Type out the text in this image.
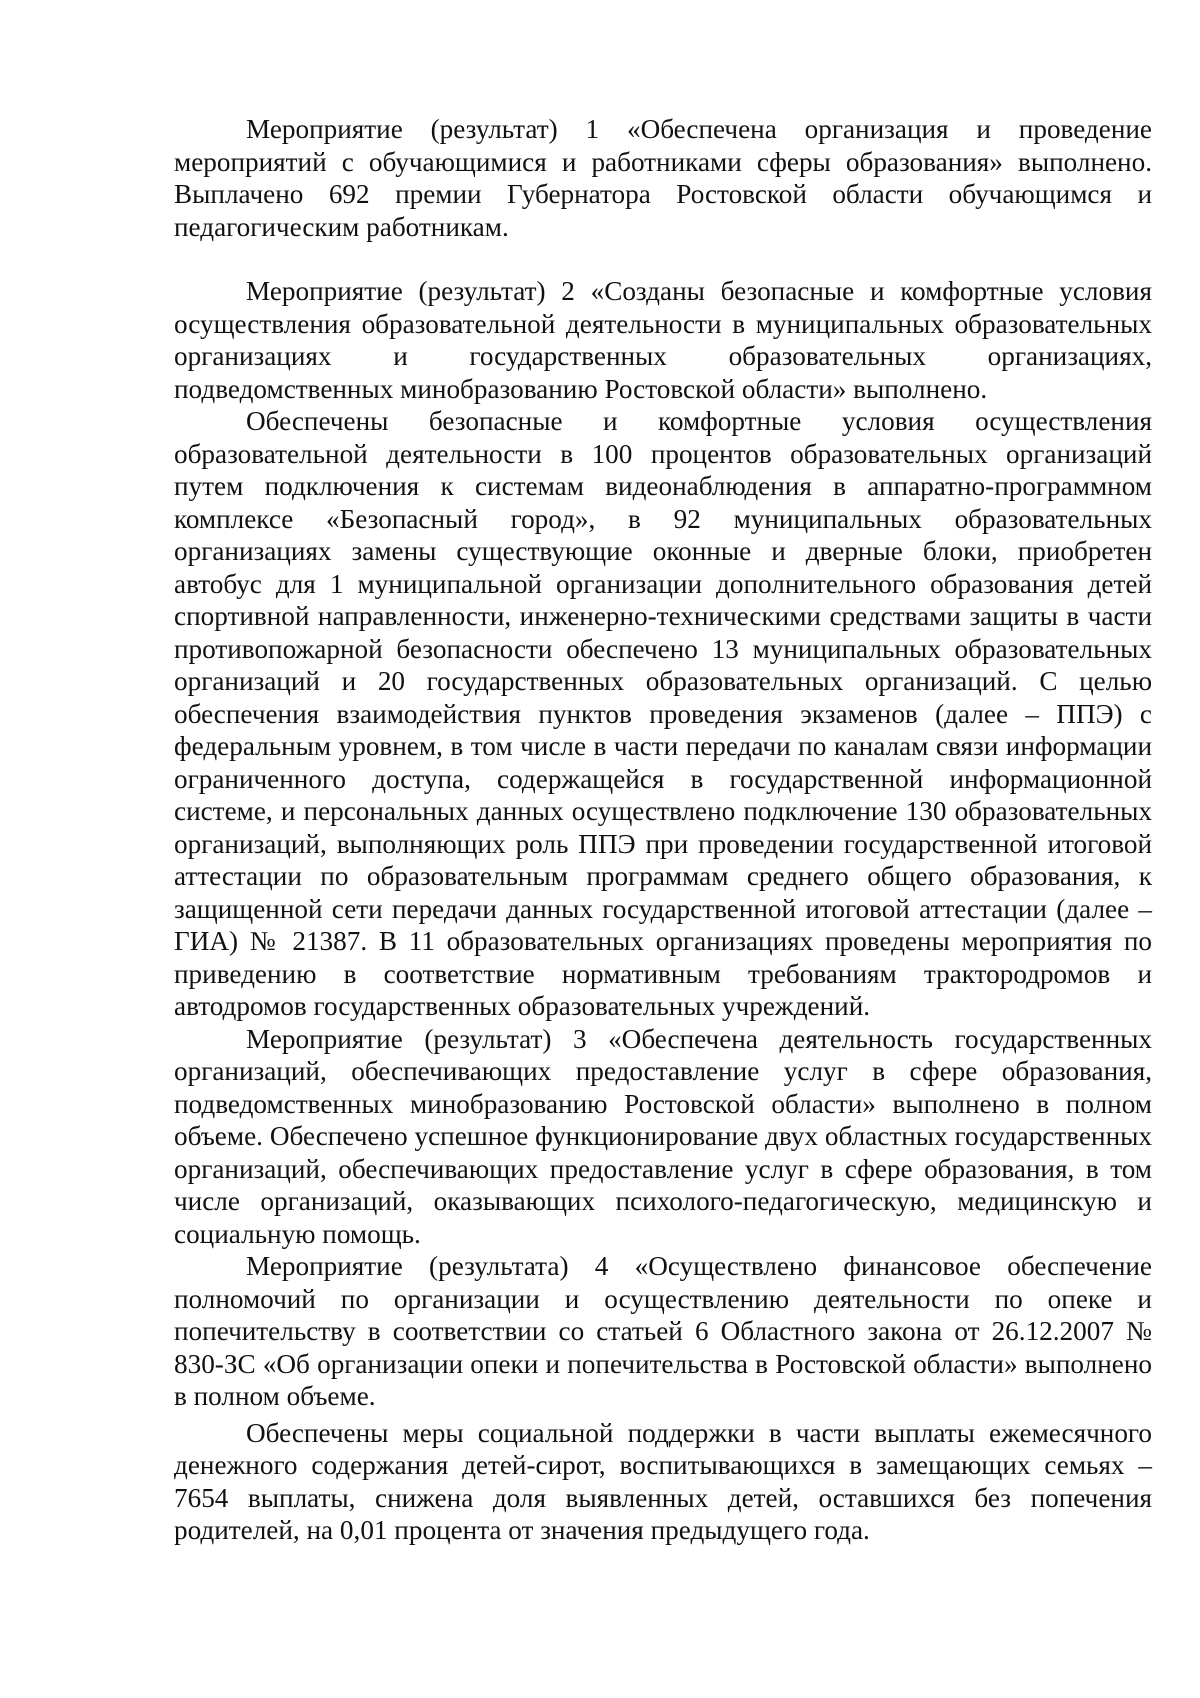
Мероприятие (результат) 1 «Обеспечена организация и проведение мероприятий с обучающимися и работниками сферы образования» выполнено. Выплачено 692 премии Губернатора Ростовской области обучающимся и педагогическим работникам.

Мероприятие (результат) 2 «Созданы безопасные и комфортные условия осуществления образовательной деятельности в муниципальных образовательных организациях и государственных образовательных организациях, подведомственных минобразованию Ростовской области» выполнено.

Обеспечены безопасные и комфортные условия осуществления образовательной деятельности в 100 процентов образовательных организаций путем подключения к системам видеонаблюдения в аппаратно-программном комплексе «Безопасный город», в 92 муниципальных образовательных организациях замены существующие оконные и дверные блоки, приобретен автобус для 1 муниципальной организации дополнительного образования детей спортивной направленности, инженерно-техническими средствами защиты в части противопожарной безопасности обеспечено 13 муниципальных образовательных организаций и 20 государственных образовательных организаций. С целью обеспечения взаимодействия пунктов проведения экзаменов (далее – ППЭ) с федеральным уровнем, в том числе в части передачи по каналам связи информации ограниченного доступа, содержащейся в государственной информационной системе, и персональных данных осуществлено подключение 130 образовательных организаций, выполняющих роль ППЭ при проведении государственной итоговой аттестации по образовательным программам среднего общего образования, к защищенной сети передачи данных государственной итоговой аттестации (далее – ГИА) № 21387. В 11 образовательных организациях проведены мероприятия по приведению в соответствие нормативным требованиям трактородромов и автодромов государственных образовательных учреждений.

Мероприятие (результат) 3 «Обеспечена деятельность государственных организаций, обеспечивающих предоставление услуг в сфере образования, подведомственных минобразованию Ростовской области» выполнено в полном объеме. Обеспечено успешное функционирование двух областных государственных организаций, обеспечивающих предоставление услуг в сфере образования, в том числе организаций, оказывающих психолого-педагогическую, медицинскую и социальную помощь.

Мероприятие (результата) 4 «Осуществлено финансовое обеспечение полномочий по организации и осуществлению деятельности по опеке и попечительству в соответствии со статьей 6 Областного закона от 26.12.2007 № 830-ЗС «Об организации опеки и попечительства в Ростовской области» выполнено в полном объеме.

Обеспечены меры социальной поддержки в части выплаты ежемесячного денежного содержания детей-сирот, воспитывающихся в замещающих семьях – 7654 выплаты, снижена доля выявленных детей, оставшихся без попечения родителей, на 0,01 процента от значения предыдущего года.
